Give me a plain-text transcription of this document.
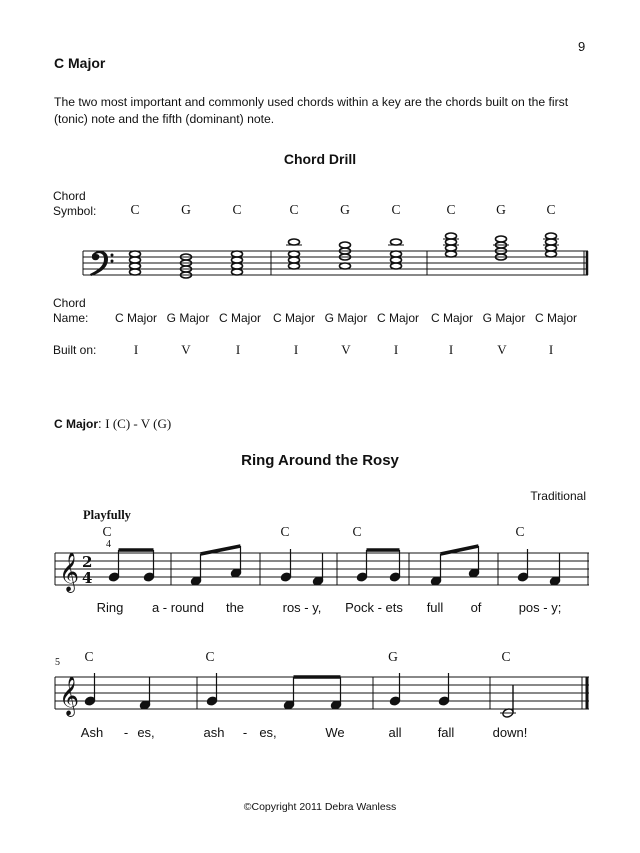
9
C Major
The two most important and commonly used chords within a key are the chords built on the first (tonic) note and the fifth (dominant) note.
Chord Drill
Chord
Symbol:	C	G	C	C	G	C	C	G	C
Chord
Name:	C Major G Major C Major C Major G Major C Major C Major G Major C Major
Built on:	I	V	I	I	V	I	I	V	I
C Major: I (C) - V (G)
Ring Around the Rosy
Traditional
Playfully
C	C	C	C
4
Ring	a - round	the	ros - y,	Pock - ets	full	of	pos - y;
5	C	C	G	C
Ash	- es,	ash	- es,	We	all	fall	down!
©Copyright 2011 Debra Wanless
𝄞 2
4
𝄞
